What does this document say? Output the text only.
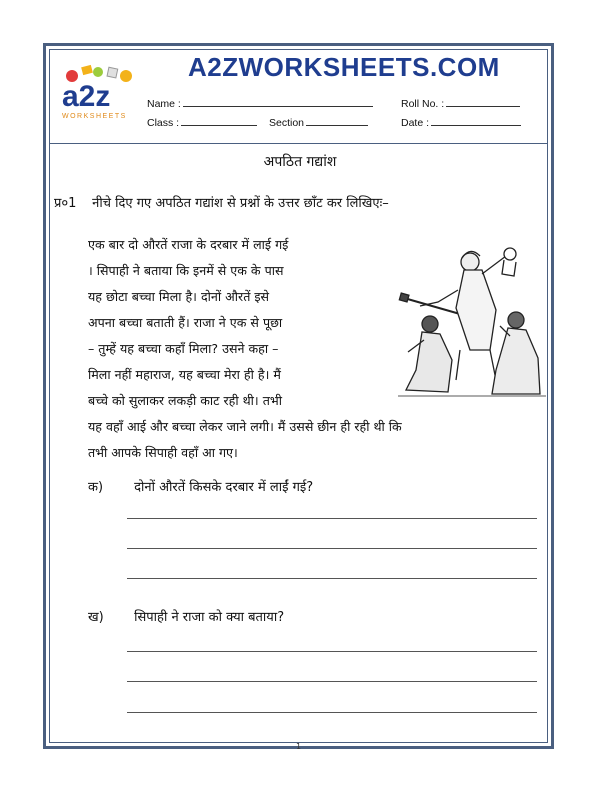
a2z
WORKSHEETS
A2ZWORKSHEETS.COM
Name :	Roll No. :
Class :	Section	Date :
अपठित गद्यांश
प्र०1 नीचे दिए गए अपठित गद्यांश से प्रश्नों के उत्तर छाँट कर लिखिएः–
एक बार दो औरतें राजा के दरबार में लाई गई
। सिपाही ने बताया कि इनमें से एक के पास
यह छोटा बच्चा मिला है। दोनों औरतें इसे
अपना बच्चा बताती हैं। राजा ने एक से पूछा
– तुम्हें यह बच्चा कहाँ मिला? उसने कहा –
मिला नहीं महाराज, यह बच्चा मेरा ही है। मैं
बच्चे को सुलाकर लकड़ी काट रही थी। तभी
यह वहाँ आई और बच्चा लेकर जाने लगी। मैं उससे छीन ही रही थी कि
तभी आपके सिपाही वहाँ आ गए।
क) दोनों औरतें किसके दरबार में लाईं गई?
ख) सिपाही ने राजा को क्या बताया?
1
